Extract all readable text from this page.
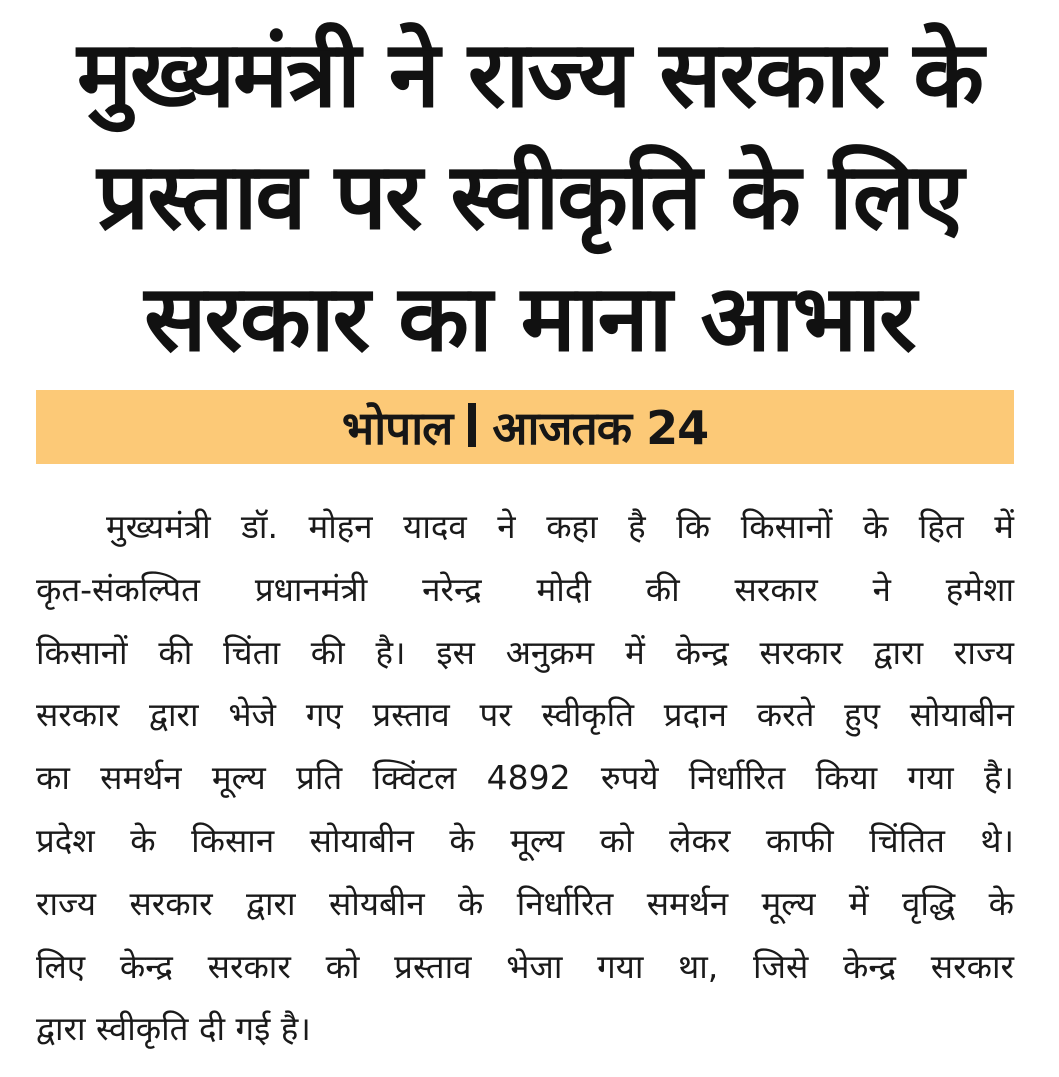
मुख्यमंत्री ने राज्य सरकार के
प्रस्ताव पर स्वीकृति के लिए
सरकार का माना आभार
भोपाल आजतक 24
मुख्यमंत्री डॉ. मोहन यादव ने कहा है कि किसानों के हित में
कृत-संकल्पित प्रधानमंत्री नरेन्द्र मोदी की सरकार ने हमेशा
किसानों की चिंता की है। इस अनुक्रम में केन्द्र सरकार द्वारा राज्य
सरकार द्वारा भेजे गए प्रस्ताव पर स्वीकृति प्रदान करते हुए सोयाबीन
का समर्थन मूल्य प्रति क्विंटल 4892 रुपये निर्धारित किया गया है।
प्रदेश के किसान सोयाबीन के मूल्य को लेकर काफी चिंतित थे।
राज्य सरकार द्वारा सोयबीन के निर्धारित समर्थन मूल्य में वृद्धि के
लिए केन्द्र सरकार को प्रस्ताव भेजा गया था, जिसे केन्द्र सरकार
द्वारा स्वीकृति दी गई है।
